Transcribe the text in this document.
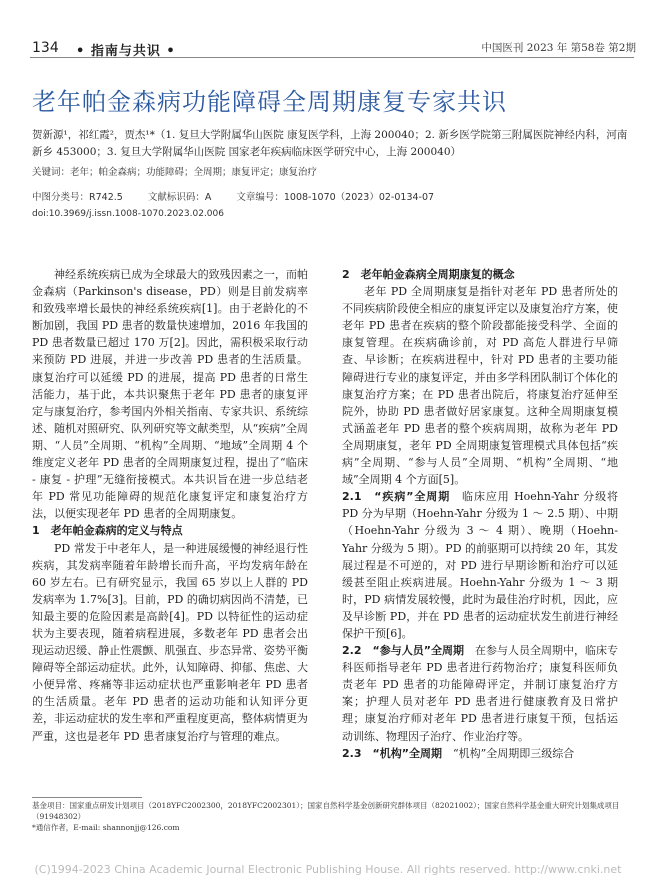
134 • 指南与共识 •	中国医刊 2023 年 第58卷 第2期
老年帕金森病功能障碍全周期康复专家共识
贺新源¹，祁红霞²，贾杰¹*（1. 复旦大学附属华山医院 康复医学科，上海 200040；2. 新乡医学院第三附属医院神经内科，河南 新乡 453000；3. 复旦大学附属华山医院 国家老年疾病临床医学研究中心，上海 200040）
关键词：老年；帕金森病；功能障碍；全周期；康复评定；康复治疗
中图分类号：R742.5	文献标识码：A	文章编号：1008-1070（2023）02-0134-07
doi:10.3969/j.issn.1008-1070.2023.02.006

神经系统疾病已成为全球最大的致残因素之一，而帕金森病（Parkinson's disease，PD）则是目前发病率和致残率增长最快的神经系统疾病[1]。由于老龄化的不断加剧，我国 PD 患者的数量快速增加，2016 年我国的 PD 患者数量已超过 170 万[2]。因此，需积极采取行动来预防 PD 进展，并进一步改善 PD 患者的生活质量。康复治疗可以延缓 PD 的进展，提高 PD 患者的日常生活能力，基于此，本共识聚焦于老年 PD 患者的康复评定与康复治疗，参考国内外相关指南、专家共识、系统综述、随机对照研究、队列研究等文献类型，从“疾病”全周期、“人员”全周期、“机构”全周期、“地域”全周期 4 个维度定义老年 PD 患者的全周期康复过程，提出了“临床 - 康复 - 护理”无缝衔接模式。本共识旨在进一步总结老年 PD 常见功能障碍的规范化康复评定和康复治疗方法，以便实现老年 PD 患者的全周期康复。

1　老年帕金森病的定义与特点

PD 常发于中老年人，是一种进展缓慢的神经退行性疾病，其发病率随着年龄增长而升高，平均发病年龄在 60 岁左右。已有研究显示，我国 65 岁以上人群的 PD 发病率为 1.7%[3]。目前，PD 的确切病因尚不清楚，已知最主要的危险因素是高龄[4]。PD 以特征性的运动症状为主要表现，随着病程进展，多数老年 PD 患者会出现运动迟缓、静止性震颤、肌强直、步态异常、姿势平衡障碍等全部运动症状。此外，认知障碍、抑郁、焦虑、大小便异常、疼痛等非运动症状也严重影响老年 PD 患者的生活质量。老年 PD 患者的运动功能和认知评分更差，非运动症状的发生率和严重程度更高，整体病情更为严重，这也是老年 PD 患者康复治疗与管理的难点。

2　老年帕金森病全周期康复的概念

老年 PD 全周期康复是指针对老年 PD 患者所处的不同疾病阶段使全相应的康复评定以及康复治疗方案，使老年 PD 患者在疾病的整个阶段都能接受科学、全面的康复管理。在疾病确诊前，对 PD 高危人群进行早筛查、早诊断；在疾病进程中，针对 PD 患者的主要功能障碍进行专业的康复评定，并由多学科团队制订个体化的康复治疗方案；在 PD 患者出院后，将康复治疗延伸至院外，协助 PD 患者做好居家康复。这种全周期康复模式涵盖老年 PD 患者的整个疾病周期，故称为老年 PD 全周期康复，老年 PD 全周期康复管理模式具体包括“疾病”全周期、“参与人员”全周期、“机构”全周期、“地域”全周期 4 个方面[5]。

2.1　“疾病”全周期　 临床应用 Hoehn-Yahr 分级将 PD 分为早期（Hoehn-Yahr 分级为 1 ～ 2.5 期）、中期（Hoehn-Yahr 分级为 3 ～ 4 期）、晚期（Hoehn-Yahr 分级为 5 期）。PD 的前驱期可以持续 20 年，其发展过程是不可逆的，对 PD 进行早期诊断和治疗可以延缓甚至阻止疾病进展。Hoehn-Yahr 分级为 1 ～ 3 期时，PD 病情发展较慢，此时为最佳治疗时机，因此，应及早诊断 PD，并在 PD 患者的运动症状发生前进行神经保护干预[6]。

2.2　“参与人员”全周期　 在参与人员全周期中，临床专科医师指导老年 PD 患者进行药物治疗；康复科医师负责老年 PD 患者的功能障碍评定，并制订康复治疗方案；护理人员对老年 PD 患者进行健康教育及日常护理；康复治疗师对老年 PD 患者进行康复干预，包括运动训练、物理因子治疗、作业治疗等。

2.3　“机构”全周期　 “机构”全周期即三级综合

基金项目：国家重点研发计划项目（2018YFC2002300，2018YFC2002301）；国家自然科学基金创新研究群体项目（82021002）；国家自然科学基金重大研究计划集成项目（91948302）
*通信作者，E-mail: shannonjj@126.com
(C)1994-2023 China Academic Journal Electronic Publishing House. All rights reserved. http://www.cnki.net
